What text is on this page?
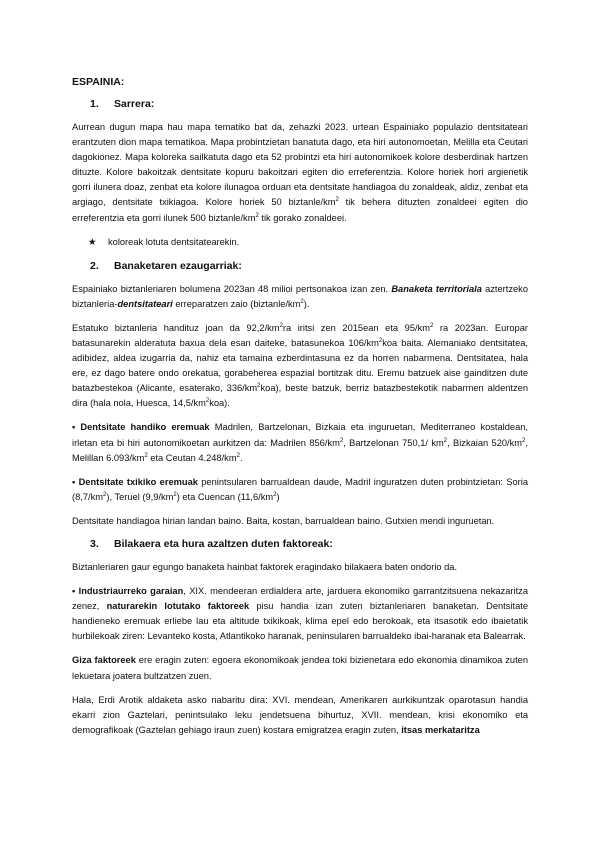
ESPAINIA:
1. Sarrera:

Aurrean dugun mapa hau mapa tematiko bat da, zehazki 2023. urtean Espainiako populazio dentsitateari erantzuten dion mapa tematikoa. Mapa probintzietan banatuta dago, eta hiri autonomoetan, Melilla eta Ceutari dagokionez. Mapa koloreka sailkatuta dago eta 52 probintzi eta hiri autonomikoek kolore desberdinak hartzen dituzte. Kolore bakoitzak dentsitate kopuru bakoitzari egiten dio erreferentzia. Kolore horiek hori argienetik gorri ilunera doaz, zenbat eta kolore ilunagoa orduan eta dentsitate handiagoa du zonaldeak, aldiz, zenbat eta argiago, dentsitate txikiagoa. Kolore horiek 50 biztanle/$km^2$ tik behera dituzten zonaldeei egiten dio erreferentzia eta gorri ilunek 500 biztanle/$km^2$ tik gorako zonaldeei.

★ koloreak lotuta dentsitatearekin.
2. Banaketaren ezaugarriak:

Espainiako biztanleriaren bolumena 2023an 48 milioi pertsonakoa izan zen. Banaketa territoriala aztertzeko biztanleria-dentsitateari erreparatzen zaio $(biztanle/km^2)$.

Estatuko biztanleria handituz joan da $92,2/km^2ra$ iritsi zen 2015ean eta $95/km^2$ ra 2023an. Europar batasunarekin alderatuta baxua dela esan daiteke, batasunekoa $106/km^2koa$ baita. Alemaniako dentsitatea, adibidez, aldea izugarria da, nahiz eta tamaina ezberdintasuna ez da horren nabarmena. Dentsitatea, hala ere, ez dago batere ondo orekatua, gorabeherea espazial bortitzak ditu. Eremu batzuek aise gainditzen dute batazbestekoa (Alicante, esaterako, $336/km^2koa$), beste batzuk, berriz batazbestekotik nabarmen aldentzen dira (hala nola, Huesca, $14,5/km^2koa$).

• Dentsitate handiko eremuak Madrilen, Bartzelonan, Bizkaia eta inguruetan, Mediterraneo kostaldean, irletan eta bi hiri autonomikoetan aurkitzen da: Madrilen $856/km^2$, Bartzelonan 750,1/ $km^2$, Bizkaian $520/km^2$, Melillan $6.093/km^2$ eta Ceutan $4.248/km^2$.

• Dentsitate txikiko eremuak penintsularen barrualdean daude, Madril inguratzen duten probintzietan: Soria $(8,7/km^2)$, Teruel $(9,9/km^2)$ eta Cuencan $(11,6/km^2)$

Dentsitate handiagoa hirian landan baino. Baita, kostan, barrualdean baino. Gutxien mendi inguruetan.

3. Bilakaera eta hura azaltzen duten faktoreak:

Biztanleriaren gaur egungo banaketa hainbat faktorek eragindako bilakaera baten ondorio da.

• Industriaurreko garaian, XIX. mendeeran erdialdera arte, jarduera ekonomiko garrantzitsuena nekazaritza zenez, naturarekin lotutako faktoreek pisu handia izan zuten biztanleriaren banaketan. Dentsitate handieneko eremuak erliebe lau eta altitude txikikoak, klima epel edo berokoak, eta itsasotik edo ibaietatik hurbilekoak ziren: Levanteko kosta, Atlantikoko haranak, peninsularen barrualdeko ibai-haranak eta Balearrak.

Giza faktoreek ere eragin zuten: egoera ekonomikoak jendea toki bizienetara edo ekonomia dinamikoa zuten lekuetara joatera bultzatzen zuen.

Hala, Erdi Arotik aldaketa asko nabaritu dira: XVI. mendean, Amerikaren aurkikuntzak oparotasun handia ekarri zion Gaztelari, penintsulako leku jendetsuena bihurtuz, XVII. mendean, krisi ekonomiko eta demografikoak (Gaztelan gehiago iraun zuen) kostara emigratzea eragin zuten, itsas merkataritza
